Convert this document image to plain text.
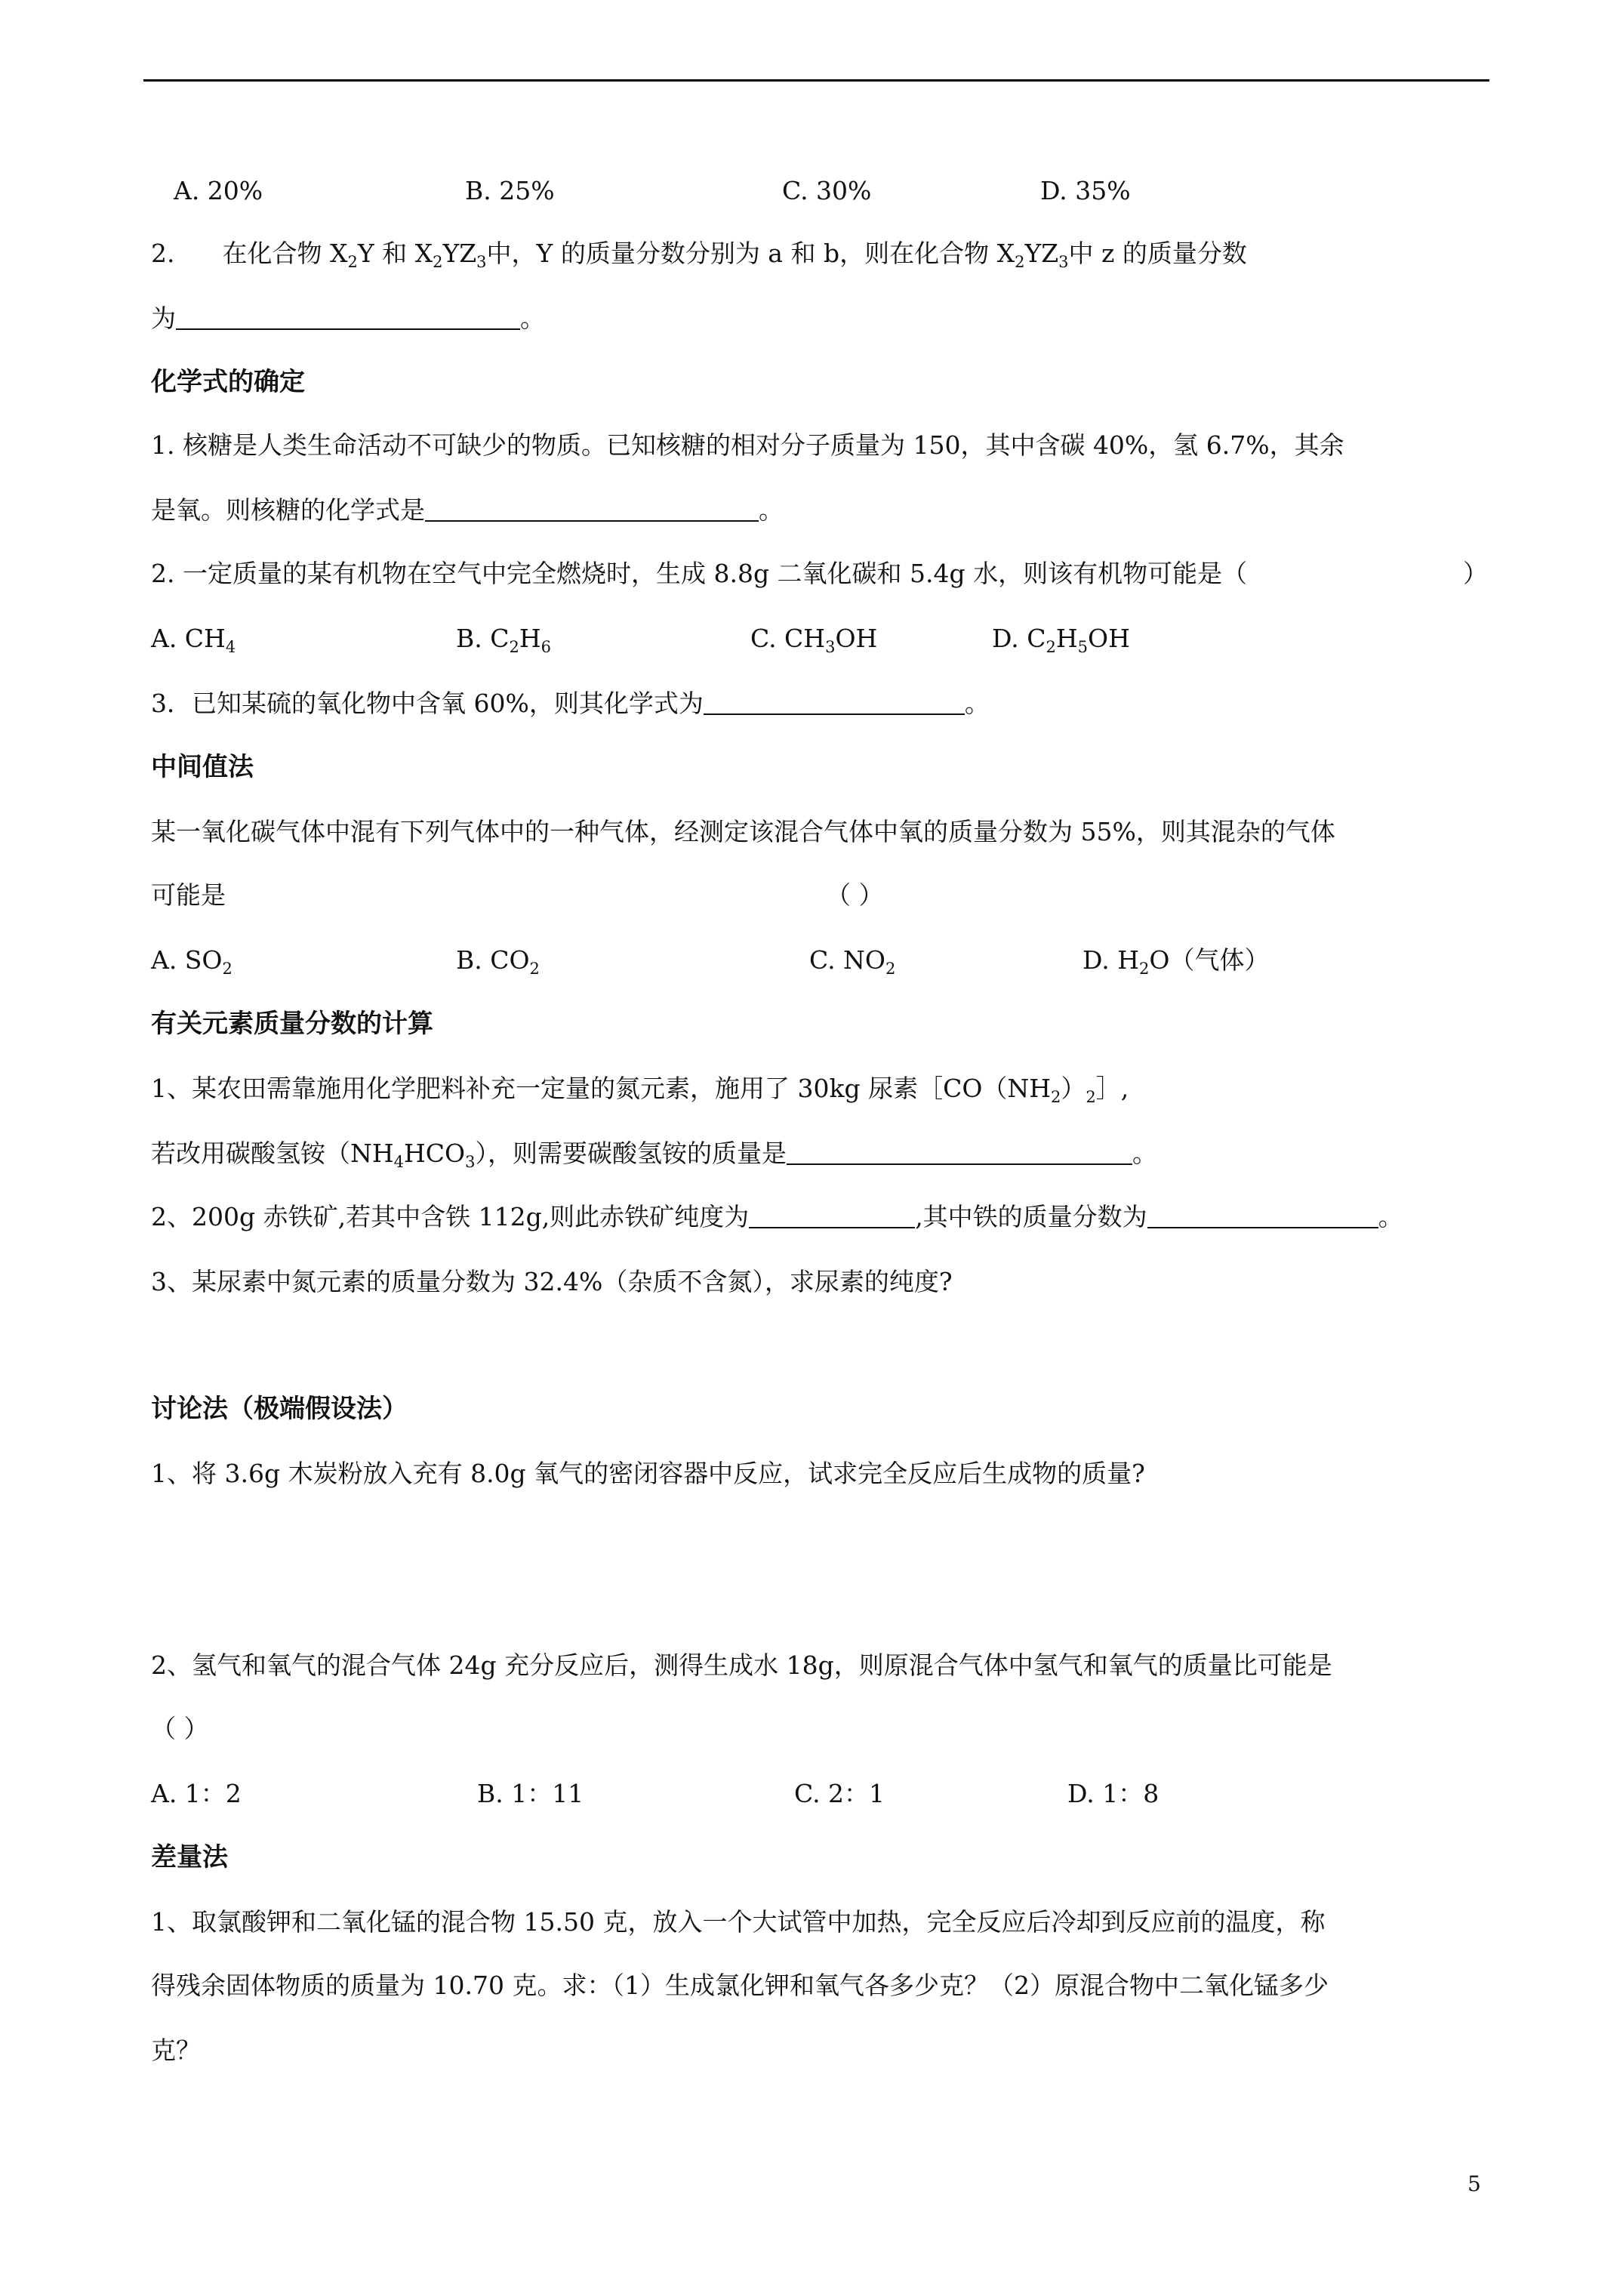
A. 20%	B. 25%	C. 30%	D. 35%
2. 在化合物 $X_2Y$ 和 $X_2YZ_3$中，Y 的质量分数分别为 a 和 b，则在化合物 $X_2YZ_3$中 z 的质量分数
为	。
化学式的确定
1. 核糖是人类生命活动不可缺少的物质。已知核糖的相对分子质量为 150，其中含碳 40%，氢 6.7%，其余
是氧。则核糖的化学式是	。
2. 一定质量的某有机物在空气中完全燃烧时，生成 8.8g 二氧化碳和 5.4g 水，则该有机物可能是（	）
A. $CH_4$	B. $C_2H_6$	C. $CH_3OH$	D. $C_2H_5OH$
3．已知某硫的氧化物中含氧 60%，则其化学式为	。
中间值法
某一氧化碳气体中混有下列气体中的一种气体，经测定该混合气体中氧的质量分数为 55%，则其混杂的气体
可能是	（ ）
A. $SO_2$	B. $CO_2$	C. $NO_2$	D. $H_2O$（气体）
有关元素质量分数的计算
1、某农田需靠施用化学肥料补充一定量的氮元素，施用了 30kg 尿素$[CO(NH_2)_2]$,
若改用碳酸氢铵$(NH_4HCO_3)$，则需要碳酸氢铵的质量是	。
2、200g 赤铁矿,若其中含铁 112g,则此赤铁矿纯度为	,其中铁的质量分数为	。
3、某尿素中氮元素的质量分数为 32.4%（杂质不含氮），求尿素的纯度?
讨论法（极端假设法）
1、将 3.6g 木炭粉放入充有 8.0g 氧气的密闭容器中反应，试求完全反应后生成物的质量?
2、氢气和氧气的混合气体 24g 充分反应后，测得生成水 18g，则原混合气体中氢气和氧气的质量比可能是
（ ）
A. 1：2	B. 1：11	C. 2：1	D. 1：8
差量法
1、取氯酸钾和二氧化锰的混合物 15.50 克，放入一个大试管中加热，完全反应后冷却到反应前的温度，称
得残余固体物质的质量为 10.70 克。求：（1）生成氯化钾和氧气各多少克？（2）原混合物中二氧化锰多少
克？
5
